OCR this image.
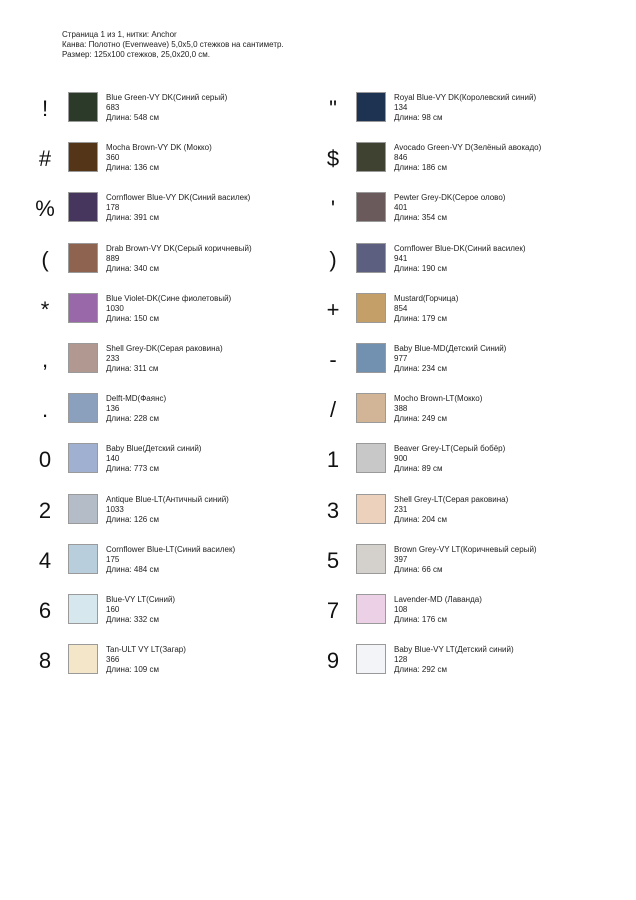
Страница 1 из 1, нитки: Anchor
Канва: Полотно (Evenweave) 5,0х5,0 стежков на сантиметр.
Размер: 125х100 стежков, 25,0х20,0 см.
!	Blue Green-VY DK(Синий серый)
683
Длина: 548 см	"	Royal Blue-VY DK(Королевский синий)
134
Длина: 98 см
#	Mocha Brown-VY DK (Мокко)
360
Длина: 136 см	$	Avocado Green-VY D(Зелёный авокадо)
846
Длина: 186 см
%	Cornflower Blue-VY DK(Синий василек)
178
Длина: 391 см	'	Pewter Grey-DK(Серое олово)
401
Длина: 354 см
(	Drab Brown-VY DK(Серый коричневый)
889
Длина: 340 см	)	Cornflower Blue-DK(Синий василек)
941
Длина: 190 см
*	Blue Violet-DK(Сине фиолетовый)
1030
Длина: 150 см	+	Mustard(Горчица)
854
Длина: 179 см
,	Shell Grey-DK(Серая раковина)
233
Длина: 311 см	-	Baby Blue-MD(Детский Синий)
977
Длина: 234 см
.	Delft-MD(Фаянс)
136
Длина: 228 см	/	Mocho Brown-LT(Мокко)
388
Длина: 249 см
0	Baby Blue(Детский синий)
140
Длина: 773 см	1	Beaver Grey-LT(Серый бобёр)
900
Длина: 89 см
2	Antique Blue-LT(Античный синий)
1033
Длина: 126 см	3	Shell Grey-LT(Серая раковина)
231
Длина: 204 см
4	Cornflower Blue-LT(Синий василек)
175
Длина: 484 см	5	Brown Grey-VY LT(Коричневый серый)
397
Длина: 66 см
6	Blue-VY LT(Синий)
160
Длина: 332 см	7	Lavender-MD (Лаванда)
108
Длина: 176 см
8	Tan-ULT VY LT(Загар)
366
Длина: 109 см	9	Baby Blue-VY LT(Детский синий)
128
Длина: 292 см
